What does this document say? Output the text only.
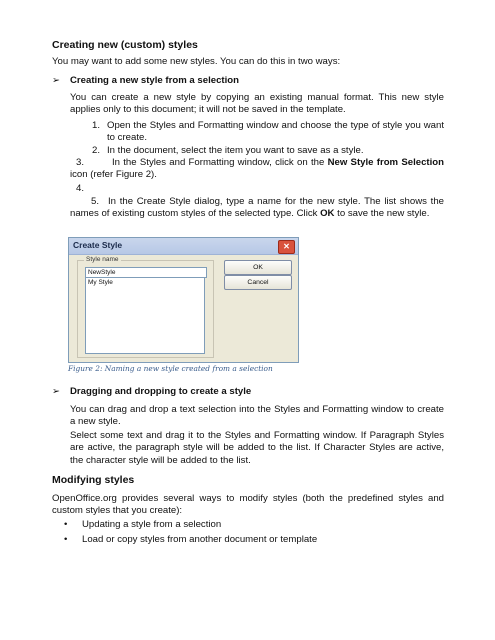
Creating new (custom) styles
You may want to add some new styles. You can do this in two ways:
➢ Creating a new style from a selection
You can create a new style by copying an existing manual format. This new style applies only to this document; it will not be saved in the template.
1. Open the Styles and Formatting window and choose the type of style you want to create.
2. In the document, select the item you want to save as a style.
3.	In the Styles and Formatting window, click on the New Style from Selection icon (refer Figure 2).
4.
5. In the Create Style dialog, type a name for the new style. The list shows the names of existing custom styles of the selected type. Click OK to save the new style.
Create Style	✕
Style name
NewStyle
My Style
OK
Cancel
Figure 2: Naming a new style created from a selection
➢ Dragging and dropping to create a style
You can drag and drop a text selection into the Styles and Formatting window to create a new style.
Select some text and drag it to the Styles and Formatting window. If Paragraph Styles are active, the paragraph style will be added to the list. If Character Styles are active, the character style will be added to the list.
Modifying styles
OpenOffice.org provides several ways to modify styles (both the predefined styles and custom styles that you create):
• Updating a style from a selection
• Load or copy styles from another document or template
